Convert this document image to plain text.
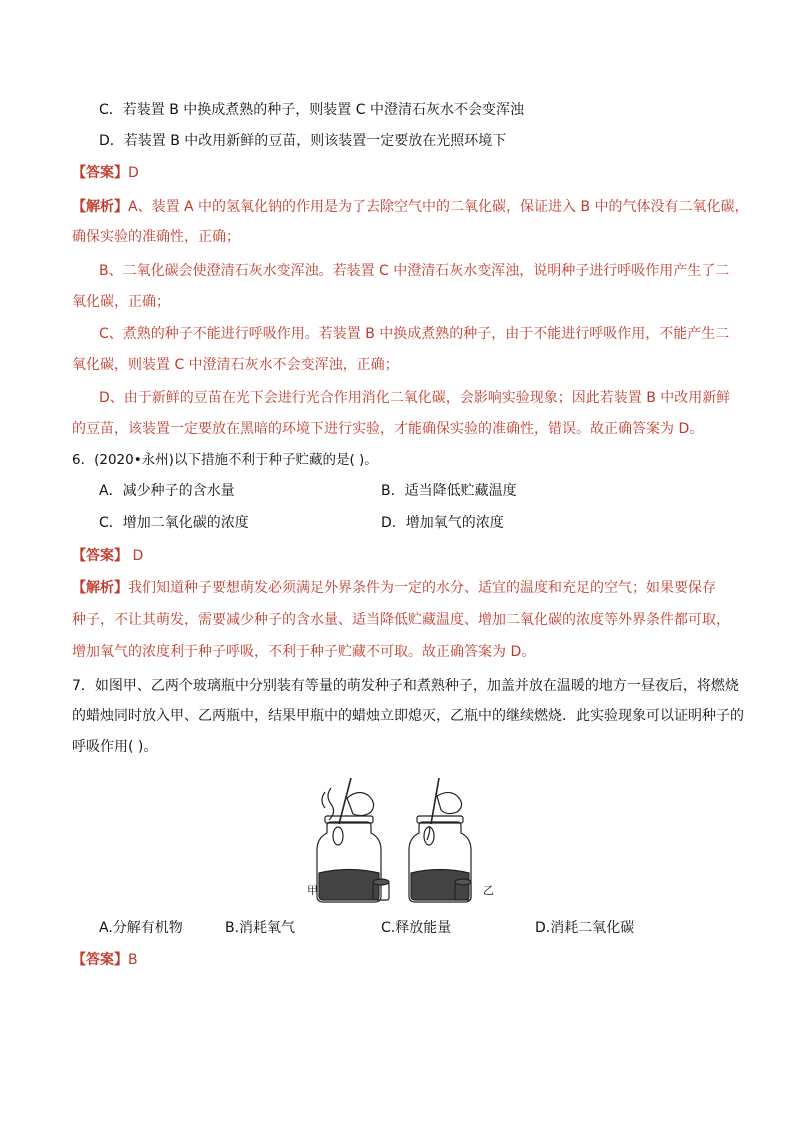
C．若装置 B 中换成煮熟的种子，则装置 C 中澄清石灰水不会变浑浊
D．若装置 B 中改用新鲜的豆苗，则该装置一定要放在光照环境下
【答案】D
【解析】A、装置 A 中的氢氧化钠的作用是为了去除空气中的二氧化碳，保证进入 B 中的气体没有二氧化碳，
确保实验的准确性，正确；
B、二氧化碳会使澄清石灰水变浑浊。若装置 C 中澄清石灰水变浑浊，说明种子进行呼吸作用产生了二
氧化碳，正确；
C、煮熟的种子不能进行呼吸作用。若装置 B 中换成煮熟的种子，由于不能进行呼吸作用，不能产生二
氧化碳，则装置 C 中澄清石灰水不会变浑浊，正确；
D、由于新鲜的豆苗在光下会进行光合作用消化二氧化碳，会影响实验现象；因此若装置 B 中改用新鲜
的豆苗，该装置一定要放在黑暗的环境下进行实验，才能确保实验的准确性，错误。故正确答案为 D。
6．(2020•永州)以下措施不利于种子贮藏的是( )。
A．减少种子的含水量	B．适当降低贮藏温度
C．增加二氧化碳的浓度	D．增加氧气的浓度
【答案】 D
【解析】我们知道种子要想萌发必须满足外界条件为一定的水分、适宜的温度和充足的空气；如果要保存
种子，不让其萌发，需要减少种子的含水量、适当降低贮藏温度、增加二氧化碳的浓度等外界条件都可取，
增加氧气的浓度利于种子呼吸，不利于种子贮藏不可取。故正确答案为 D。
7．如图甲、乙两个玻璃瓶中分别装有等量的萌发种子和煮熟种子，加盖并放在温暖的地方一昼夜后，将燃烧
的蜡烛同时放入甲、乙两瓶中，结果甲瓶中的蜡烛立即熄灭，乙瓶中的继续燃烧．此实验现象可以证明种子的
呼吸作用( )。
甲	乙
A.分解有机物	B.消耗氧气	C.释放能量	D.消耗二氧化碳
【答案】B
